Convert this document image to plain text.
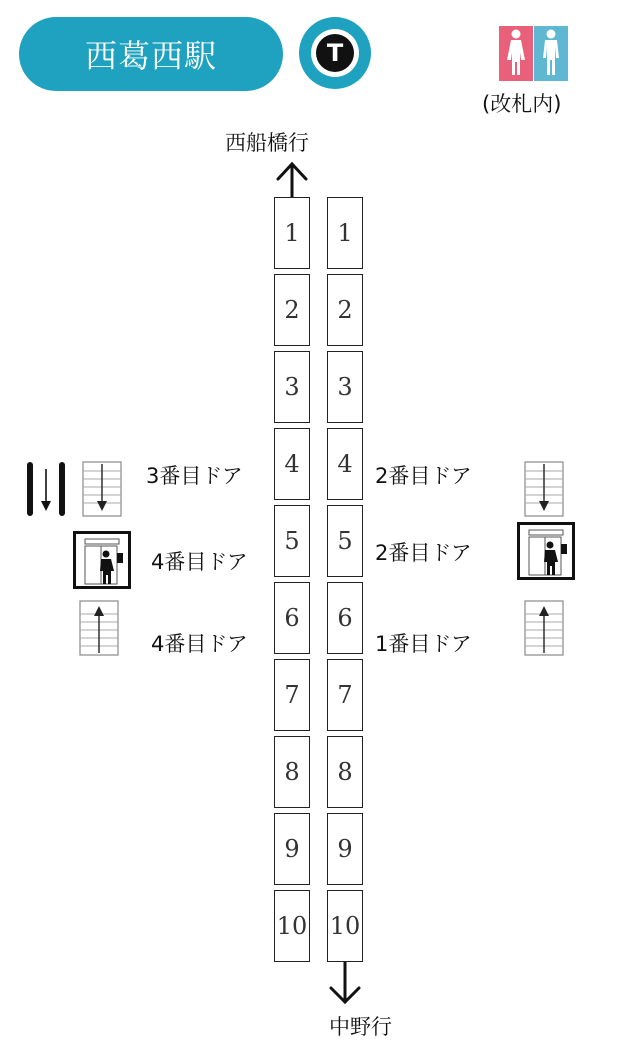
西葛西駅	T
(改札内)
西船橋行
中野行
1
2
3
4
5
6
7
8
9
10
1
2
3
4
5
6
7
8
9
10
3番目ドア
4番目ドア
4番目ドア
2番目ドア
2番目ドア
1番目ドア
